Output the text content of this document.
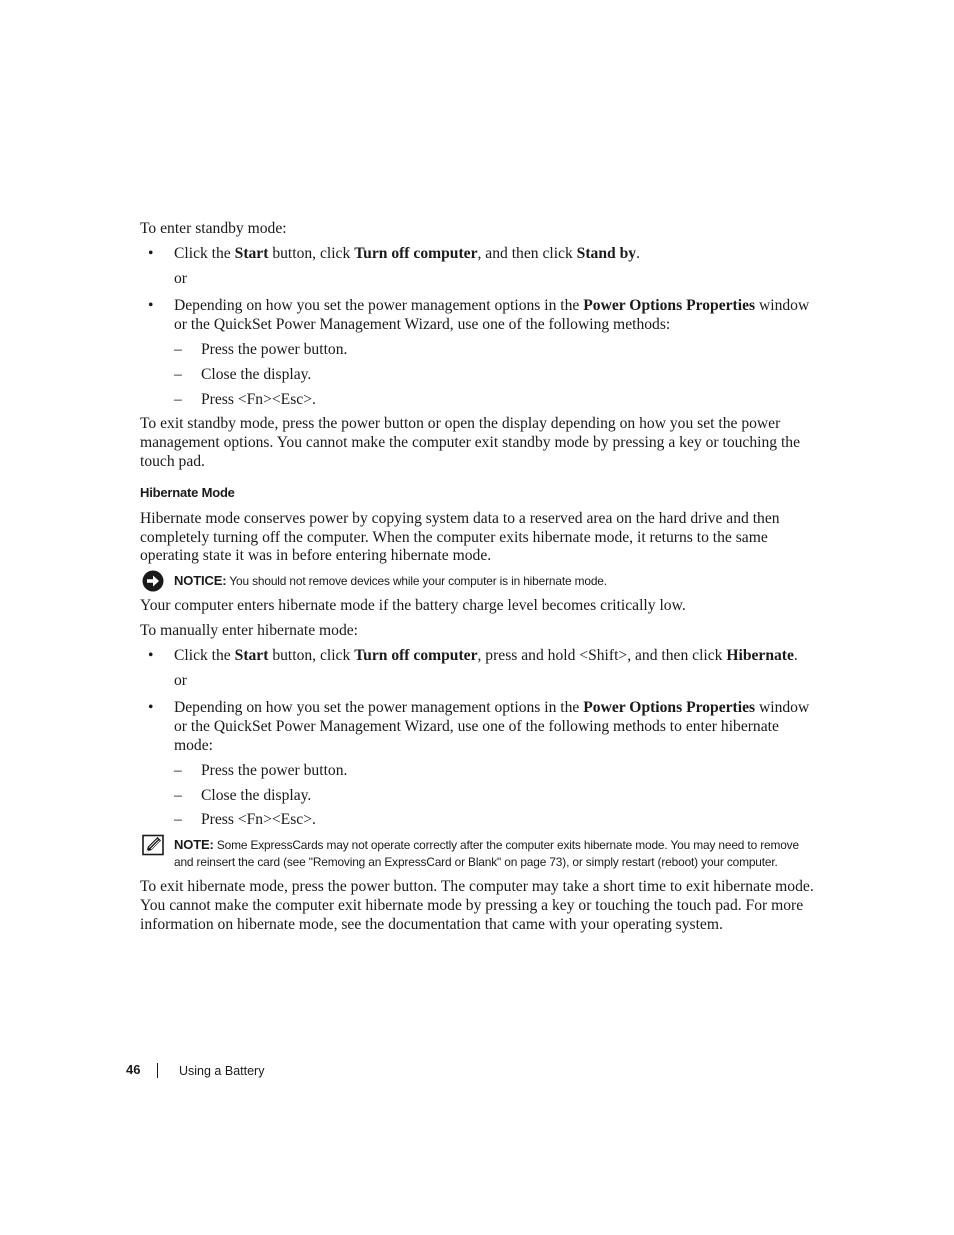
To enter standby mode:

• Click the Start button, click Turn off computer, and then click Stand by.

or

• Depending on how you set the power management options in the Power Options Properties window or the QuickSet Power Management Wizard, use one of the following methods:
– Press the power button.
– Close the display.
– Press <Fn><Esc>.

To exit standby mode, press the power button or open the display depending on how you set the power management options. You cannot make the computer exit standby mode by pressing a key or touching the touch pad.

Hibernate Mode

Hibernate mode conserves power by copying system data to a reserved area on the hard drive and then completely turning off the computer. When the computer exits hibernate mode, it returns to the same operating state it was in before entering hibernate mode.

NOTICE: You should not remove devices while your computer is in hibernate mode.

Your computer enters hibernate mode if the battery charge level becomes critically low.

To manually enter hibernate mode:

• Click the Start button, click Turn off computer, press and hold <Shift>, and then click Hibernate.

or

• Depending on how you set the power management options in the Power Options Properties window or the QuickSet Power Management Wizard, use one of the following methods to enter hibernate mode:
– Press the power button.
– Close the display.
– Press <Fn><Esc>.
NOTE: Some ExpressCards may not operate correctly after the computer exits hibernate mode. You may need to remove and reinsert the card (see "Removing an ExpressCard or Blank" on page 73), or simply restart (reboot) your computer.

To exit hibernate mode, press the power button. The computer may take a short time to exit hibernate mode. You cannot make the computer exit hibernate mode by pressing a key or touching the touch pad. For more information on hibernate mode, see the documentation that came with your operating system.

46	Using a Battery
